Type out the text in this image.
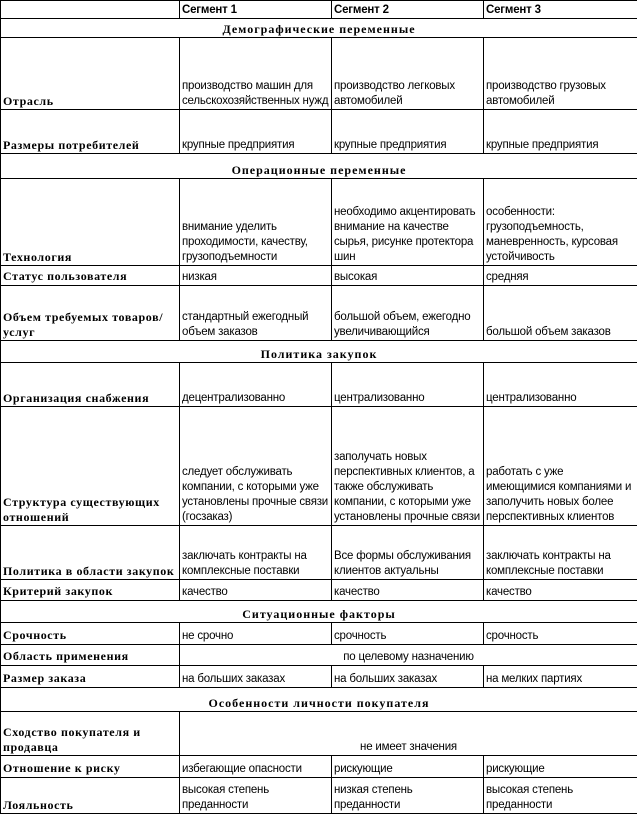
	Сегмент 1	Сегмент 2	Сегмент 3
Демографические переменные			
Отрасль	производство машин для сельскохозяйственных нужд	производство легковых автомобилей	производство грузовых автомобилей
Размеры потребителей	крупные предприятия	крупные предприятия	крупные предприятия
Операционные переменные			
Технология	внимание уделить проходимости, качеству, грузоподъемности	необходимо акцентировать внимание на качестве сырья, рисунке протектора шин	особенности: грузоподъемность, маневренность, курсовая устойчивость
Статус пользователя	низкая	высокая	средняя
Объем требуемых товаров/услуг	стандартный ежегодный объем заказов	большой объем, ежегодно увеличивающийся	большой объем заказов
Политика закупок			
Организация снабжения	децентрализованно	централизованно	централизованно
Структура существующих отношений	следует обслуживать компании, с которыми уже установлены прочные связи (госзаказ)	заполучать новых перспективных клиентов, а также обслуживать компании, с которыми уже установлены прочные связи	работать с уже имеющимися компаниями и заполучить новых более перспективных клиентов
Политика в области закупок	заключать контракты на комплексные поставки	Все формы обслуживания клиентов актуальны	заключать контракты на комплексные поставки
Критерий закупок	качество	качество	качество
Ситуационные факторы			
Срочность	не срочно	срочность	срочность
Область применения	по целевому назначению		
Размер заказа	на больших заказах	на больших заказах	на мелких партиях
Особенности личности покупателя			
Сходство покупателя и продавца	не имеет значения		
Отношение к риску	избегающие опасности	рискующие	рискующие
Лояльность	высокая степень преданности	низкая степень преданности	высокая степень преданности
